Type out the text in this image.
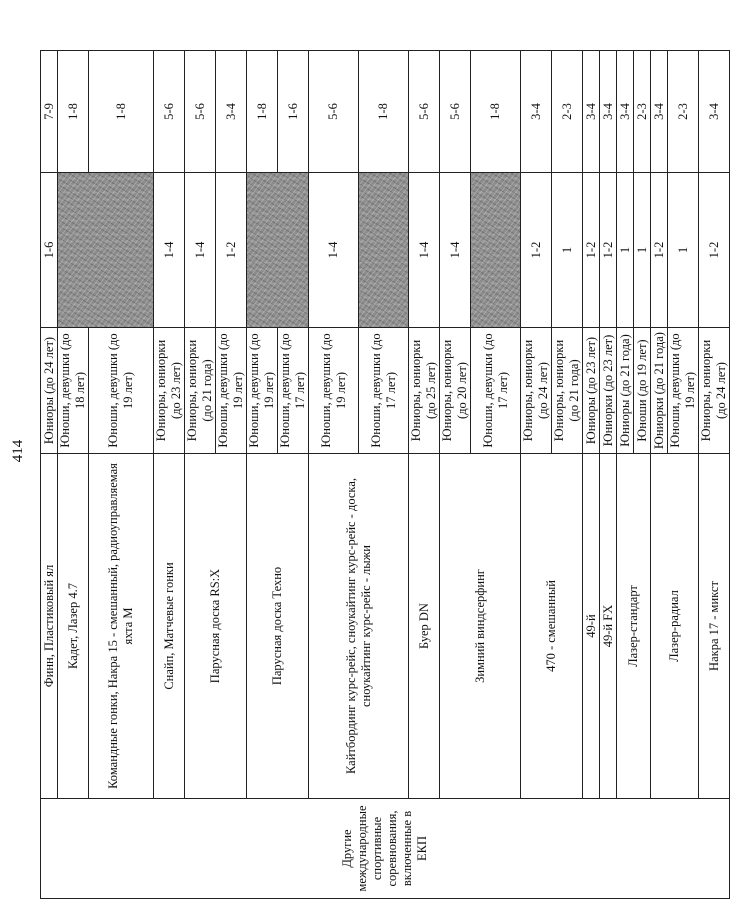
414
Другие международные спортивные соревнования, включенные в ЕКП	Финн, Пластиковый ял	Юниоры (до 24 лет)	1-6	7-9
	Кадет, Лазер 4.7	Юноши, девушки (до 18 лет)		1-8
	Командные гонки, Накра 15 - смешанный, радиоуправляемая яхта М	Юноши, девушки (до 19 лет)		1-8
	Снайп, Матчевые гонки	Юниоры, юниорки (до 23 лет)	1-4	5-6
	Парусная доска RS:X	Юниоры, юниорки (до 21 года)	1-4	5-6
		Юноши, девушки (до 19 лет)	1-2	3-4
	Парусная доска Техно	Юноши, девушки (до 19 лет)		1-8
		Юноши, девушки (до 17 лет)		1-6
	Кайтбординг курс-рейс, сноукайтинг курс-рейс - доска, сноукайтинг курс-рейс - лыжи	Юноши, девушки (до 19 лет)	1-4	5-6
		Юноши, девушки (до 17 лет)		1-8
	Буер DN	Юниоры, юниорки (до 25 лет)	1-4	5-6
	Зимний виндсерфинг	Юниоры, юниорки (до 20 лет)	1-4	5-6
		Юноши, девушки (до 17 лет)		1-8
	470 - смешанный	Юниоры, юниорки (до 24 лет)	1-2	3-4
		Юниоры, юниорки (до 21 года)	1	2-3
	49-й	Юниоры (до 23 лет)	1-2	3-4
	49-й FX	Юниорки (до 23 лет)	1-2	3-4
	Лазер-стандарт	Юниоры (до 21 года)	1	3-4
		Юноши (до 19 лет)	1	2-3
	Лазер-радиал	Юниорки (до 21 года)	1-2	3-4
		Юноши, девушки (до 19 лет)	1	2-3
	Накра 17 - микст	Юниоры, юниорки (до 24 лет)	1-2	3-4
